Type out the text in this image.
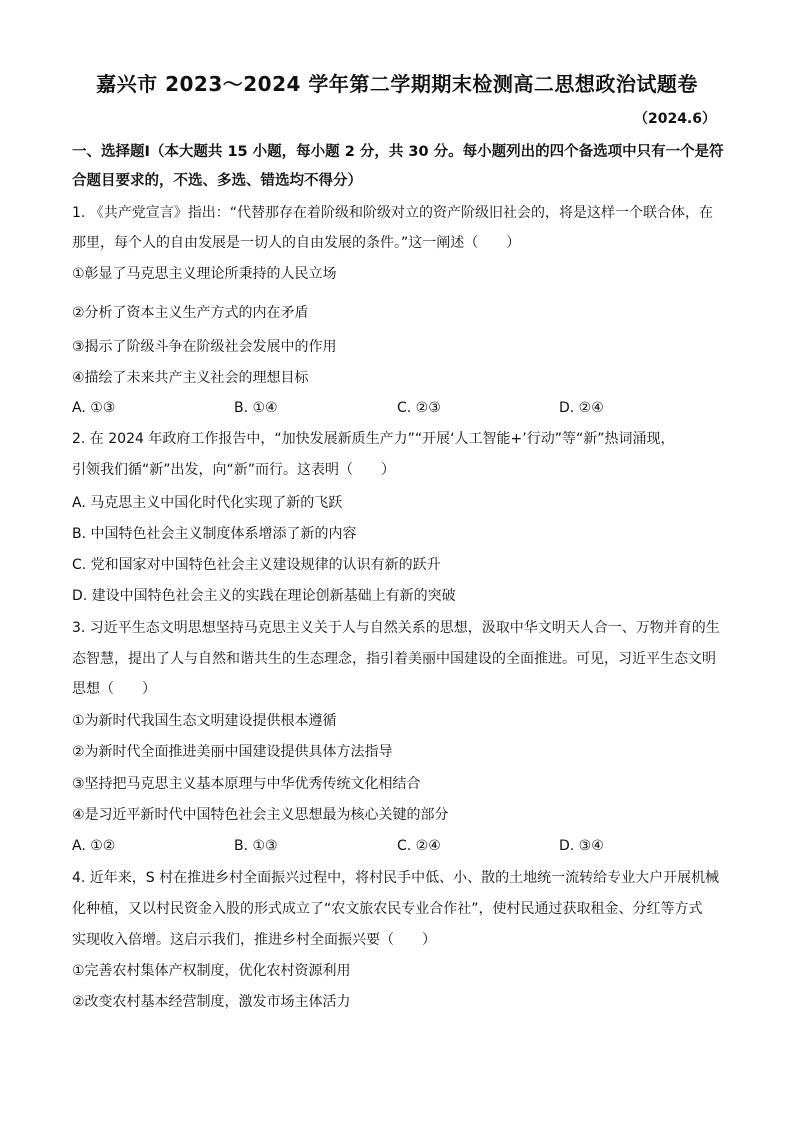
嘉兴市 2023～2024 学年第二学期期末检测高二思想政治试题卷
（2024.6）
一、选择题Ⅰ（本大题共 15 小题，每小题 2 分，共 30 分。每小题列出的四个备选项中只有一个是符合题目要求的，不选、多选、错选均不得分）
1. 《共产党宣言》指出：“代替那存在着阶级和阶级对立的资产阶级旧社会的，将是这样一个联合体，在
那里，每个人的自由发展是一切人的自由发展的条件。”这一阐述（　　）
①彰显了马克思主义理论所秉持的人民立场
②分析了资本主义生产方式的内在矛盾
③揭示了阶级斗争在阶级社会发展中的作用
④描绘了未来共产主义社会的理想目标
A. ①③	B. ①④	C. ②③	D. ②④
2. 在 2024 年政府工作报告中，“加快发展新质生产力”“开展‘人工智能+’行动”等“新”热词涌现，
引领我们循“新”出发，向“新”而行。这表明（　　）
A. 马克思主义中国化时代化实现了新的飞跃
B. 中国特色社会主义制度体系增添了新的内容
C. 党和国家对中国特色社会主义建设规律的认识有新的跃升
D. 建设中国特色社会主义的实践在理论创新基础上有新的突破
3. 习近平生态文明思想坚持马克思主义关于人与自然关系的思想，汲取中华文明天人合一、万物并育的生
态智慧，提出了人与自然和谐共生的生态理念，指引着美丽中国建设的全面推进。可见，习近平生态文明
思想（　　）
①为新时代我国生态文明建设提供根本遵循
②为新时代全面推进美丽中国建设提供具体方法指导
③坚持把马克思主义基本原理与中华优秀传统文化相结合
④是习近平新时代中国特色社会主义思想最为核心关键的部分
A. ①②	B. ①③	C. ②④	D. ③④
4. 近年来，S 村在推进乡村全面振兴过程中，将村民手中低、小、散的土地统一流转给专业大户开展机械
化种植，又以村民资金入股的形式成立了“农文旅农民专业合作社”，使村民通过获取租金、分红等方式
实现收入倍增。这启示我们，推进乡村全面振兴要（　　）
①完善农村集体产权制度，优化农村资源利用
②改变农村基本经营制度，激发市场主体活力
